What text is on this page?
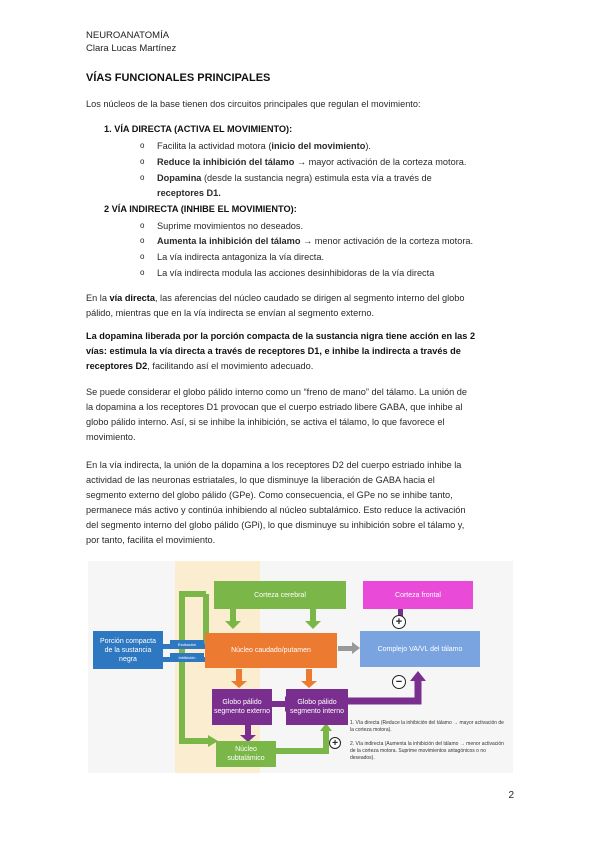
NEUROANATOMÍA
Clara Lucas Martínez
VÍAS FUNCIONALES PRINCIPALES
Los núcleos de la base tienen dos circuitos principales que regulan el movimiento:
1. VÍA DIRECTA (ACTIVA EL MOVIMIENTO):
o Facilita la actividad motora (inicio del movimiento).
o Reduce la inhibición del tálamo → mayor activación de la corteza motora.
o Dopamina (desde la sustancia negra) estimula esta vía a través de
receptores D1.
2 VÍA INDIRECTA (INHIBE EL MOVIMIENTO):
o Suprime movimientos no deseados.
o Aumenta la inhibición del tálamo → menor activación de la corteza motora.
o La vía indirecta antagoniza la vía directa.
o La vía indirecta modula las acciones desinhibidoras de la vía directa
En la vía directa, las aferencias del núcleo caudado se dirigen al segmento interno del globo
pálido, mientras que en la vía indirecta se envían al segmento externo.
La dopamina liberada por la porción compacta de la sustancia nigra tiene acción en las 2
vías: estimula la vía directa a través de receptores D1, e inhibe la indirecta a través de
receptores D2, facilitando así el movimiento adecuado.
Se puede considerar el globo pálido interno como un “freno de mano” del tálamo. La unión de
la dopamina a los receptores D1 provocan que el cuerpo estriado libere GABA, que inhibe al
globo pálido interno. Así, si se inhibe la inhibición, se activa el tálamo, lo que favorece el
movimiento.
En la vía indirecta, la unión de la dopamina a los receptores D2 del cuerpo estriado inhibe la
actividad de las neuronas estriatales, lo que disminuye la liberación de GABA hacia el
segmento externo del globo pálido (GPe). Como consecuencia, el GPe no se inhibe tanto,
permanece más activo y continúa inhibiendo al núcleo subtalámico. Esto reduce la activación
del segmento interno del globo pálido (GPi), lo que disminuye su inhibición sobre el tálamo y,
por tanto, facilita el movimiento.
Corteza cerebral	Corteza frontal
Núcleo caudado/putamen	Complejo VA/VL del tálamo
Porción compacta de la sustancia negra
Excitación
Inhibición
Globo pálido segmento externo
Globo pálido segmento interno
Núcleo subtalámico
+
−
+
1. Vía directa (Reduce la inhibición del tálamo → mayor activación de la corteza motora).
2. Vía indirecta (Aumenta la inhibición del tálamo → menor activación de la corteza motora. Suprime movimientos antagónicos o no deseados).
2
